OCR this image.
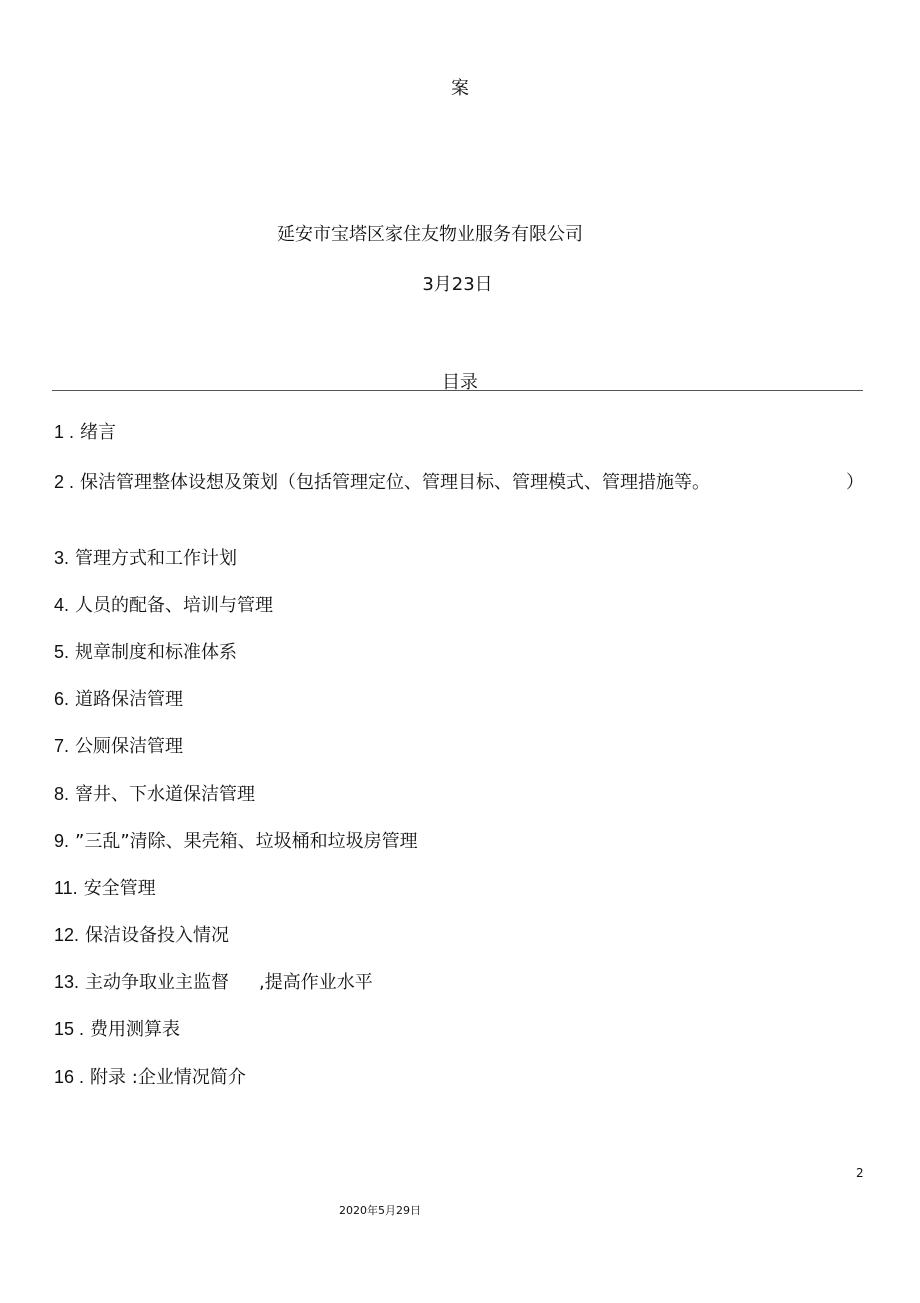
案
延安市宝塔区家住友物业服务有限公司
3月23日
目录
1 . 绪言
2 . 保洁管理整体设想及策划（包括管理定位、管理目标、管理模式、管理措施等。	）
3. 管理方式和工作计划
4. 人员的配备、培训与管理
5. 规章制度和标准体系
6. 道路保洁管理
7. 公厕保洁管理
8. 窨井、下水道保洁管理
9. ”三乱”清除、果壳箱、垃圾桶和垃圾房管理
11. 安全管理
12. 保洁设备投入情况
13. 主动争取业主监督 ,提高作业水平
15 . 费用测算表
16 . 附录 :企业情况简介
2
2020年5月29日
